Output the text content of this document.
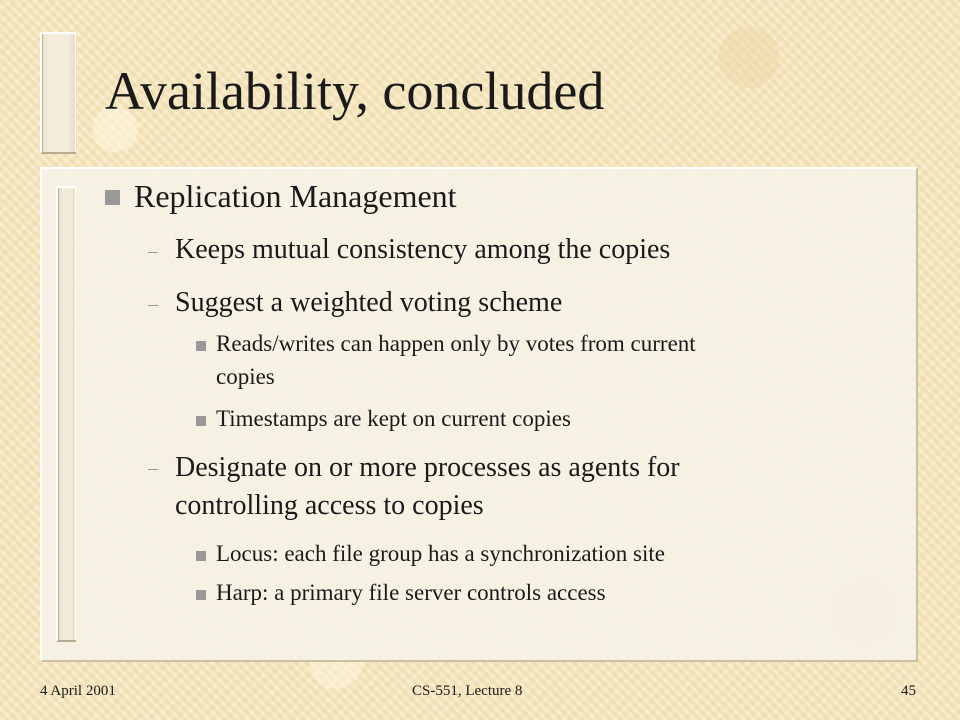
Availability, concluded

Replication Management

Keeps mutual consistency among the copies

Suggest a weighted voting scheme

Reads/writes can happen only by votes from current

copies

Timestamps are kept on current copies

Designate on or more processes as agents for

controlling access to copies

Locus: each file group has a synchronization site

Harp: a primary file server controls access

4 April 2001	CS-551, Lecture 8	45
